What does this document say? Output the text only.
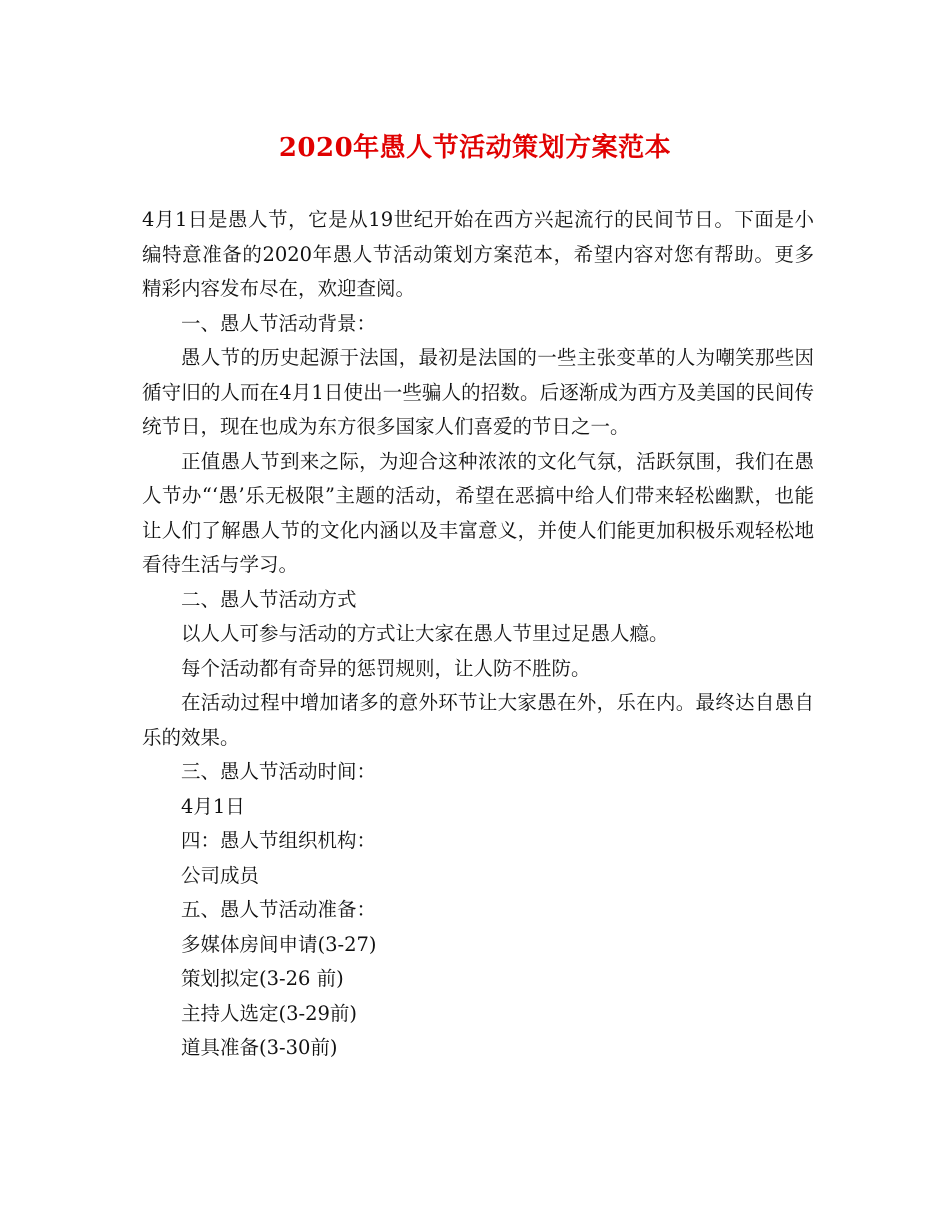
2020年愚人节活动策划方案范本

4月1日是愚人节，它是从19世纪开始在西方兴起流行的民间节日。下面是小编特意准备的2020年愚人节活动策划方案范本，希望内容对您有帮助。更多精彩内容发布尽在，欢迎查阅。

一、愚人节活动背景：

愚人节的历史起源于法国，最初是法国的一些主张变革的人为嘲笑那些因循守旧的人而在4月1日使出一些骗人的招数。后逐渐成为西方及美国的民间传统节日，现在也成为东方很多国家人们喜爱的节日之一。

正值愚人节到来之际，为迎合这种浓浓的文化气氛，活跃氛围，我们在愚人节办“‘愚’乐无极限”主题的活动，希望在恶搞中给人们带来轻松幽默，也能让人们了解愚人节的文化内涵以及丰富意义，并使人们能更加积极乐观轻松地看待生活与学习。

二、愚人节活动方式

以人人可参与活动的方式让大家在愚人节里过足愚人瘾。

每个活动都有奇异的惩罚规则，让人防不胜防。

在活动过程中增加诸多的意外环节让大家愚在外，乐在内。最终达自愚自乐的效果。

三、愚人节活动时间：

4月1日

四：愚人节组织机构：

公司成员

五、愚人节活动准备：

多媒体房间申请(3-27)

策划拟定(3-26 前)

主持人选定(3-29前)

道具准备(3-30前)
